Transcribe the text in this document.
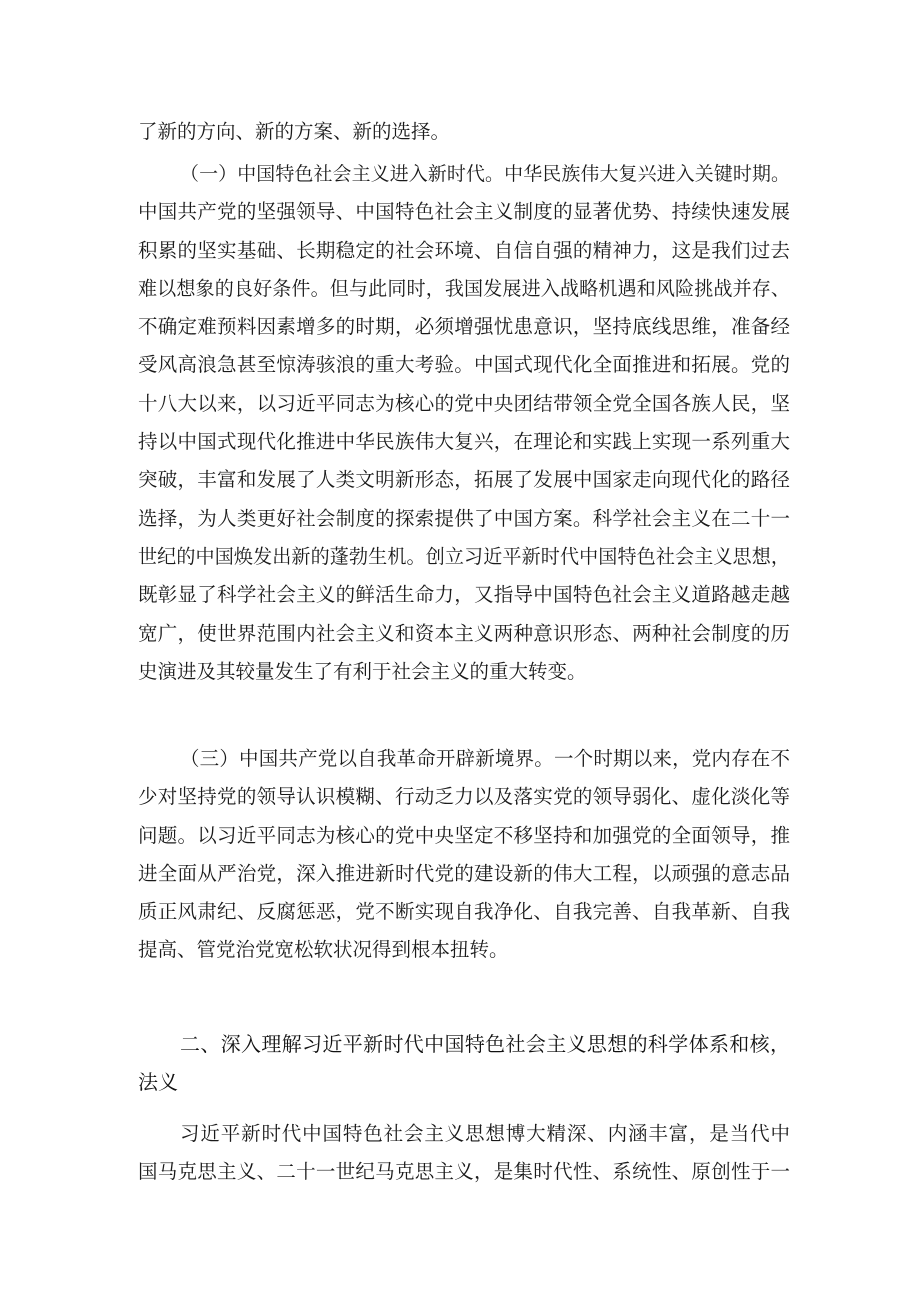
了新的方向、新的方案、新的选择。
（一）中国特色社会主义进入新时代。中华民族伟大复兴进入关键时期。
中国共产党的坚强领导、中国特色社会主义制度的显著优势、持续快速发展
积累的坚实基础、长期稳定的社会环境、自信自强的精神力，这是我们过去
难以想象的良好条件。但与此同时，我国发展进入战略机遇和风险挑战并存、
不确定难预料因素增多的时期，必须增强忧患意识，坚持底线思维，准备经
受风高浪急甚至惊涛骇浪的重大考验。中国式现代化全面推进和拓展。党的
十八大以来，以习近平同志为核心的党中央团结带领全党全国各族人民，坚
持以中国式现代化推进中华民族伟大复兴，在理论和实践上实现一系列重大
突破，丰富和发展了人类文明新形态，拓展了发展中国家走向现代化的路径
选择，为人类更好社会制度的探索提供了中国方案。科学社会主义在二十一
世纪的中国焕发出新的蓬勃生机。创立习近平新时代中国特色社会主义思想，
既彰显了科学社会主义的鲜活生命力，又指导中国特色社会主义道路越走越
宽广，使世界范围内社会主义和资本主义两种意识形态、两种社会制度的历
史演进及其较量发生了有利于社会主义的重大转变。
（三）中国共产党以自我革命开辟新境界。一个时期以来，党内存在不
少对坚持党的领导认识模糊、行动乏力以及落实党的领导弱化、虚化淡化等
问题。以习近平同志为核心的党中央坚定不移坚持和加强党的全面领导，推
进全面从严治党，深入推进新时代党的建设新的伟大工程，以顽强的意志品
质正风肃纪、反腐惩恶，党不断实现自我净化、自我完善、自我革新、自我
提高、管党治党宽松软状况得到根本扭转。
二、深入理解习近平新时代中国特色社会主义思想的科学体系和核，
法义
习近平新时代中国特色社会主义思想博大精深、内涵丰富，是当代中
国马克思主义、二十一世纪马克思主义，是集时代性、系统性、原创性于一
